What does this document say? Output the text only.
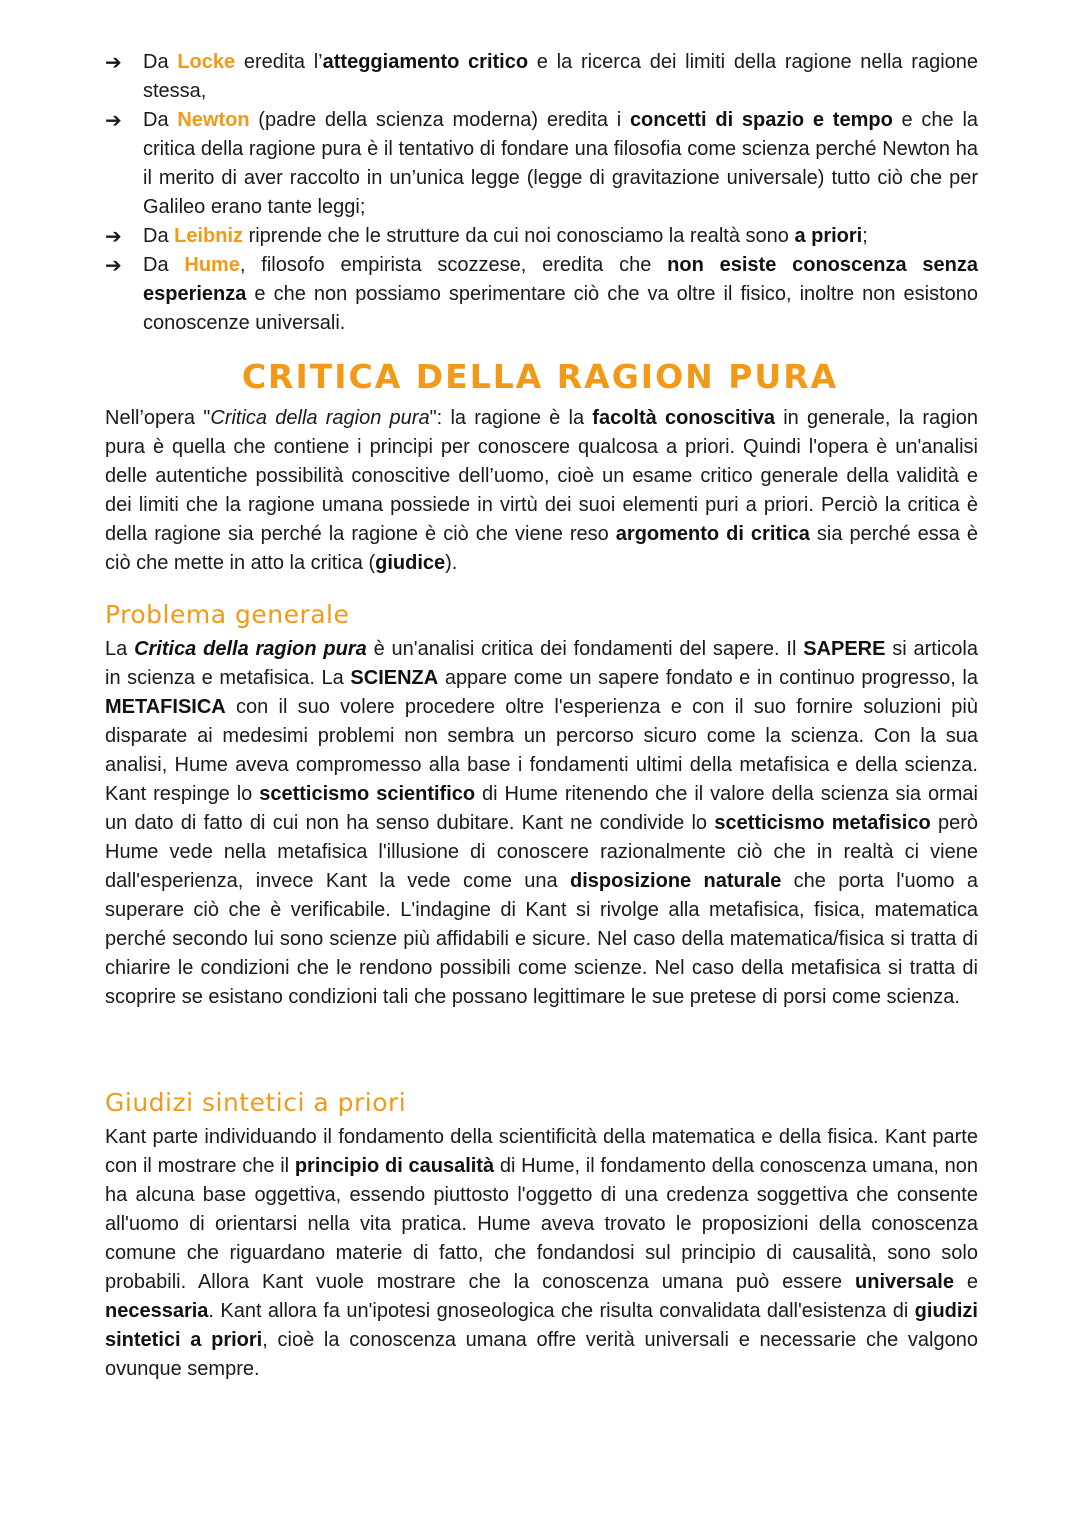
➔	Da Locke eredita l’atteggiamento critico e la ricerca dei limiti della ragione nella ragione stessa,
➔	Da Newton (padre della scienza moderna) eredita i concetti di spazio e tempo e che la critica della ragione pura è il tentativo di fondare una filosofia come scienza perché Newton ha il merito di aver raccolto in un’unica legge (legge di gravitazione universale) tutto ciò che per Galileo erano tante leggi;
➔	Da Leibniz riprende che le strutture da cui noi conosciamo la realtà sono a priori;
➔	Da Hume, filosofo empirista scozzese, eredita che non esiste conoscenza senza esperienza e che non possiamo sperimentare ciò che va oltre il fisico, inoltre non esistono conoscenze universali.
CRITICA DELLA RAGION PURA

Nell’opera "Critica della ragion pura": la ragione è la facoltà conoscitiva in generale, la ragion pura è quella che contiene i principi per conoscere qualcosa a priori. Quindi l'opera è un'analisi delle autentiche possibilità conoscitive dell’uomo, cioè un esame critico generale della validità e dei limiti che la ragione umana possiede in virtù dei suoi elementi puri a priori. Perciò la critica è della ragione sia perché la ragione è ciò che viene reso argomento di critica sia perché essa è ciò che mette in atto la critica (giudice).

Problema generale

La Critica della ragion pura è un'analisi critica dei fondamenti del sapere. Il SAPERE si articola in scienza e metafisica. La SCIENZA appare come un sapere fondato e in continuo progresso, la METAFISICA con il suo volere procedere oltre l'esperienza e con il suo fornire soluzioni più disparate ai medesimi problemi non sembra un percorso sicuro come la scienza. Con la sua analisi, Hume aveva compromesso alla base i fondamenti ultimi della metafisica e della scienza. Kant respinge lo scetticismo scientifico di Hume ritenendo che il valore della scienza sia ormai un dato di fatto di cui non ha senso dubitare. Kant ne condivide lo scetticismo metafisico però Hume vede nella metafisica l'illusione di conoscere razionalmente ciò che in realtà ci viene dall'esperienza, invece Kant la vede come una disposizione naturale che porta l'uomo a superare ciò che è verificabile. L'indagine di Kant si rivolge alla metafisica, fisica, matematica perché secondo lui sono scienze più affidabili e sicure. Nel caso della matematica/fisica si tratta di chiarire le condizioni che le rendono possibili come scienze. Nel caso della metafisica si tratta di scoprire se esistano condizioni tali che possano legittimare le sue pretese di porsi come scienza.

Giudizi sintetici a priori

Kant parte individuando il fondamento della scientificità della matematica e della fisica. Kant parte con il mostrare che il principio di causalità di Hume, il fondamento della conoscenza umana, non ha alcuna base oggettiva, essendo piuttosto l'oggetto di una credenza soggettiva che consente all'uomo di orientarsi nella vita pratica. Hume aveva trovato le proposizioni della conoscenza comune che riguardano materie di fatto, che fondandosi sul principio di causalità, sono solo probabili. Allora Kant vuole mostrare che la conoscenza umana può essere universale e necessaria. Kant allora fa un'ipotesi gnoseologica che risulta convalidata dall'esistenza di giudizi sintetici a priori, cioè la conoscenza umana offre verità universali e necessarie che valgono ovunque sempre.
